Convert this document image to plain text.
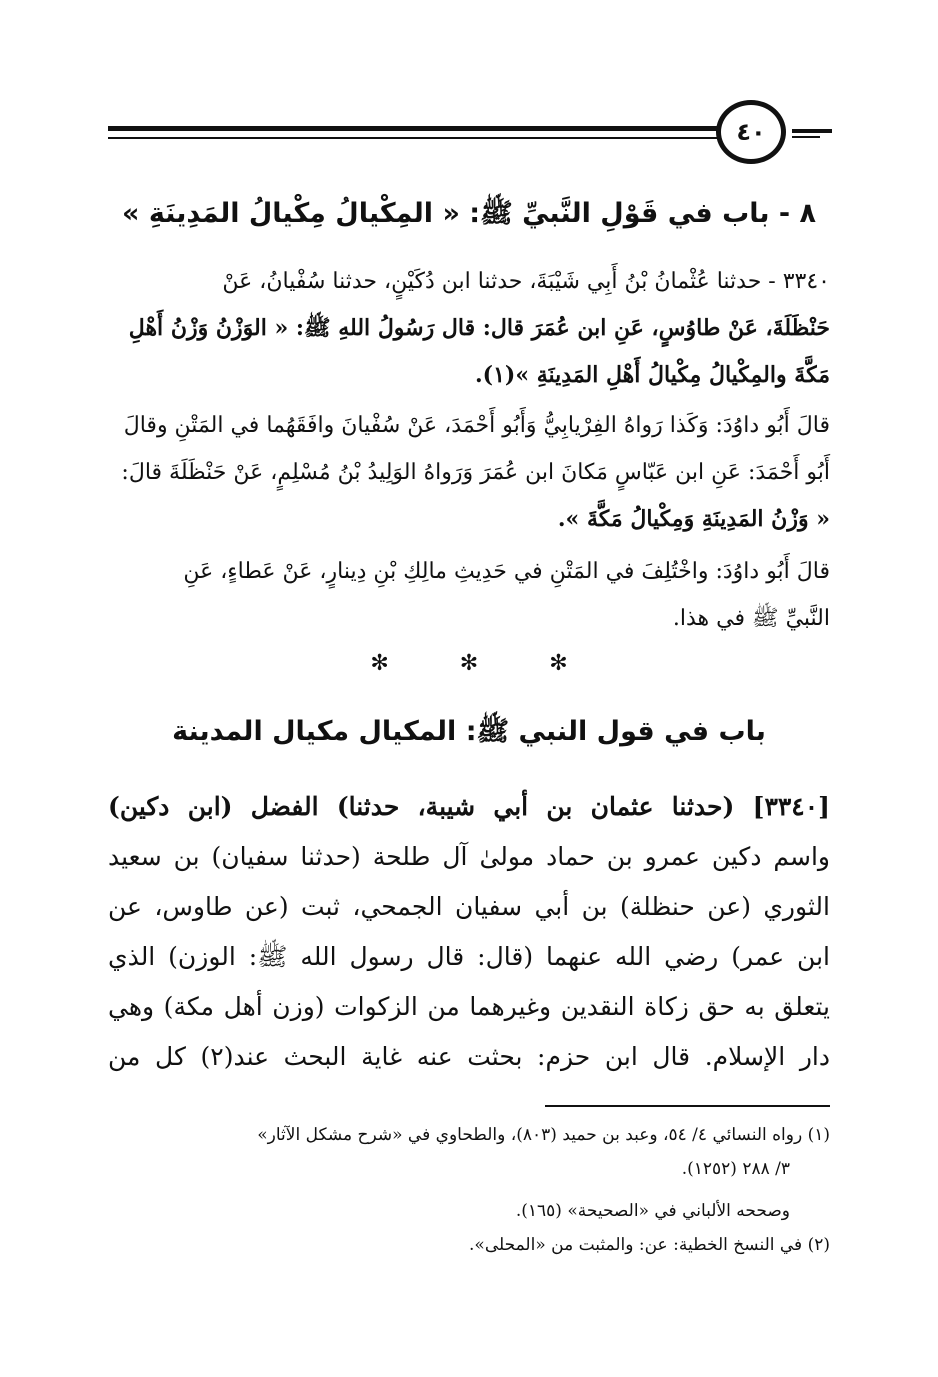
٤٠
٨ - باب في قَوْلِ النَّبيِّ ﷺ: « المِكْيالُ مِكْيالُ المَدِينَةِ »
٣٣٤٠ - حدثنا عُثْمانُ بْنُ أَبِي شَيْبَةَ، حدثنا ابن دُكَيْنٍ، حدثنا سُفْيانُ، عَنْ
حَنْظَلَةَ، عَنْ طاوُسٍ، عَنِ ابن عُمَرَ قال: قال رَسُولُ اللهِ ﷺ: « الوَزْنُ وَزْنُ أَهْلِ
مَكَّةَ والمِكْيالُ مِكْيالُ أَهْلِ المَدِينَةِ »(١).
قالَ أَبُو داوُدَ: وَكَذا رَواهُ الفِرْيابِيُّ وَأَبُو أَحْمَدَ، عَنْ سُفْيانَ وافَقَهُما في المَتْنِ وقالَ
أَبُو أَحْمَدَ: عَنِ ابن عَبّاسٍ مَكانَ ابن عُمَرَ وَرَواهُ الوَلِيدُ بْنُ مُسْلِمٍ، عَنْ حَنْظَلَةَ قالَ:
« وَزْنُ المَدِينَةِ وَمِكْيالُ مَكَّةَ ».
قالَ أَبُو داوُدَ: واخْتُلِفَ في المَتْنِ في حَدِيثِ مالِكِ بْنِ دِينارٍ، عَنْ عَطاءٍ، عَنِ
النَّبيِّ ﷺ في هذا.
✻ ✻ ✻
باب في قول النبي ﷺ: المكيال مكيال المدينة
[٣٣٤٠] (حدثنا عثمان بن أبي شيبة، حدثنا) الفضل (ابن دكين)
واسم دكين عمرو بن حماد مولىٰ آل طلحة (حدثنا سفيان) بن سعيد
الثوري (عن حنظلة) بن أبي سفيان الجمحي، ثبت (عن طاوس، عن
ابن عمر) رضي الله عنهما (قال: قال رسول الله ﷺ: الوزن) الذي
يتعلق به حق زكاة النقدين وغيرهما من الزكوات (وزن أهل مكة) وهي
دار الإسلام. قال ابن حزم: بحثت عنه غاية البحث عند(٢) كل من
(١) رواه النسائي ٤/ ٥٤، وعبد بن حميد (٨٠٣)، والطحاوي في «شرح مشكل الآثار»
٣/ ٢٨٨ (١٢٥٢).
وصححه الألباني في «الصحيحة» (١٦٥).
(٢) في النسخ الخطية: عن: والمثبت من «المحلى».
